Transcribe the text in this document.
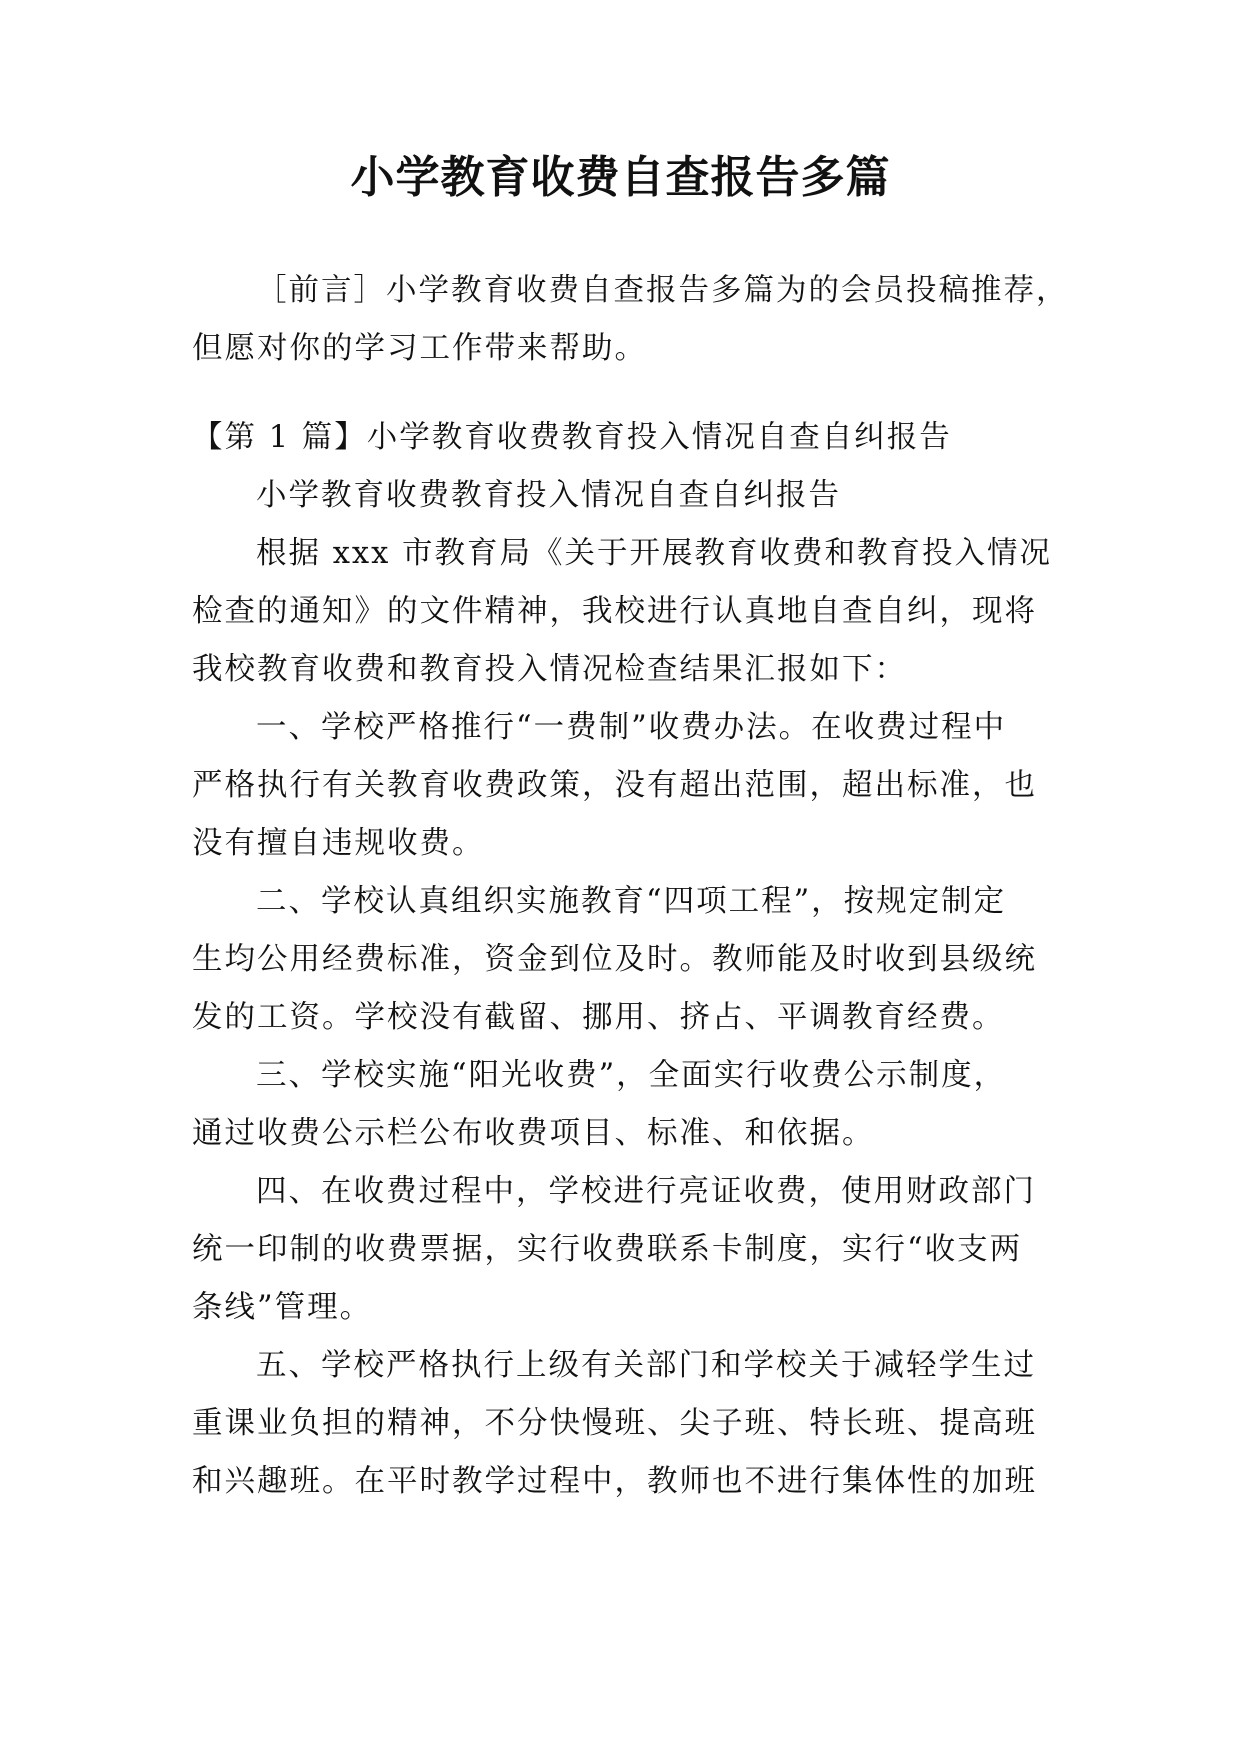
小学教育收费自查报告多篇
［前言］小学教育收费自查报告多篇为的会员投稿推荐，
但愿对你的学习工作带来帮助。
【第 1 篇】小学教育收费教育投入情况自查自纠报告
小学教育收费教育投入情况自查自纠报告
根据 xxx 市教育局《关于开展教育收费和教育投入情况
检查的通知》的文件精神，我校进行认真地自查自纠，现将
我校教育收费和教育投入情况检查结果汇报如下：
一、学校严格推行“一费制”收费办法。在收费过程中
严格执行有关教育收费政策，没有超出范围，超出标准，也
没有擅自违规收费。
二、学校认真组织实施教育“四项工程”，按规定制定
生均公用经费标准，资金到位及时。教师能及时收到县级统
发的工资。学校没有截留、挪用、挤占、平调教育经费。
三、学校实施“阳光收费”，全面实行收费公示制度，
通过收费公示栏公布收费项目、标准、和依据。
四、在收费过程中，学校进行亮证收费，使用财政部门
统一印制的收费票据，实行收费联系卡制度，实行“收支两
条线”管理。
五、学校严格执行上级有关部门和学校关于减轻学生过
重课业负担的精神，不分快慢班、尖子班、特长班、提高班
和兴趣班。在平时教学过程中，教师也不进行集体性的加班
